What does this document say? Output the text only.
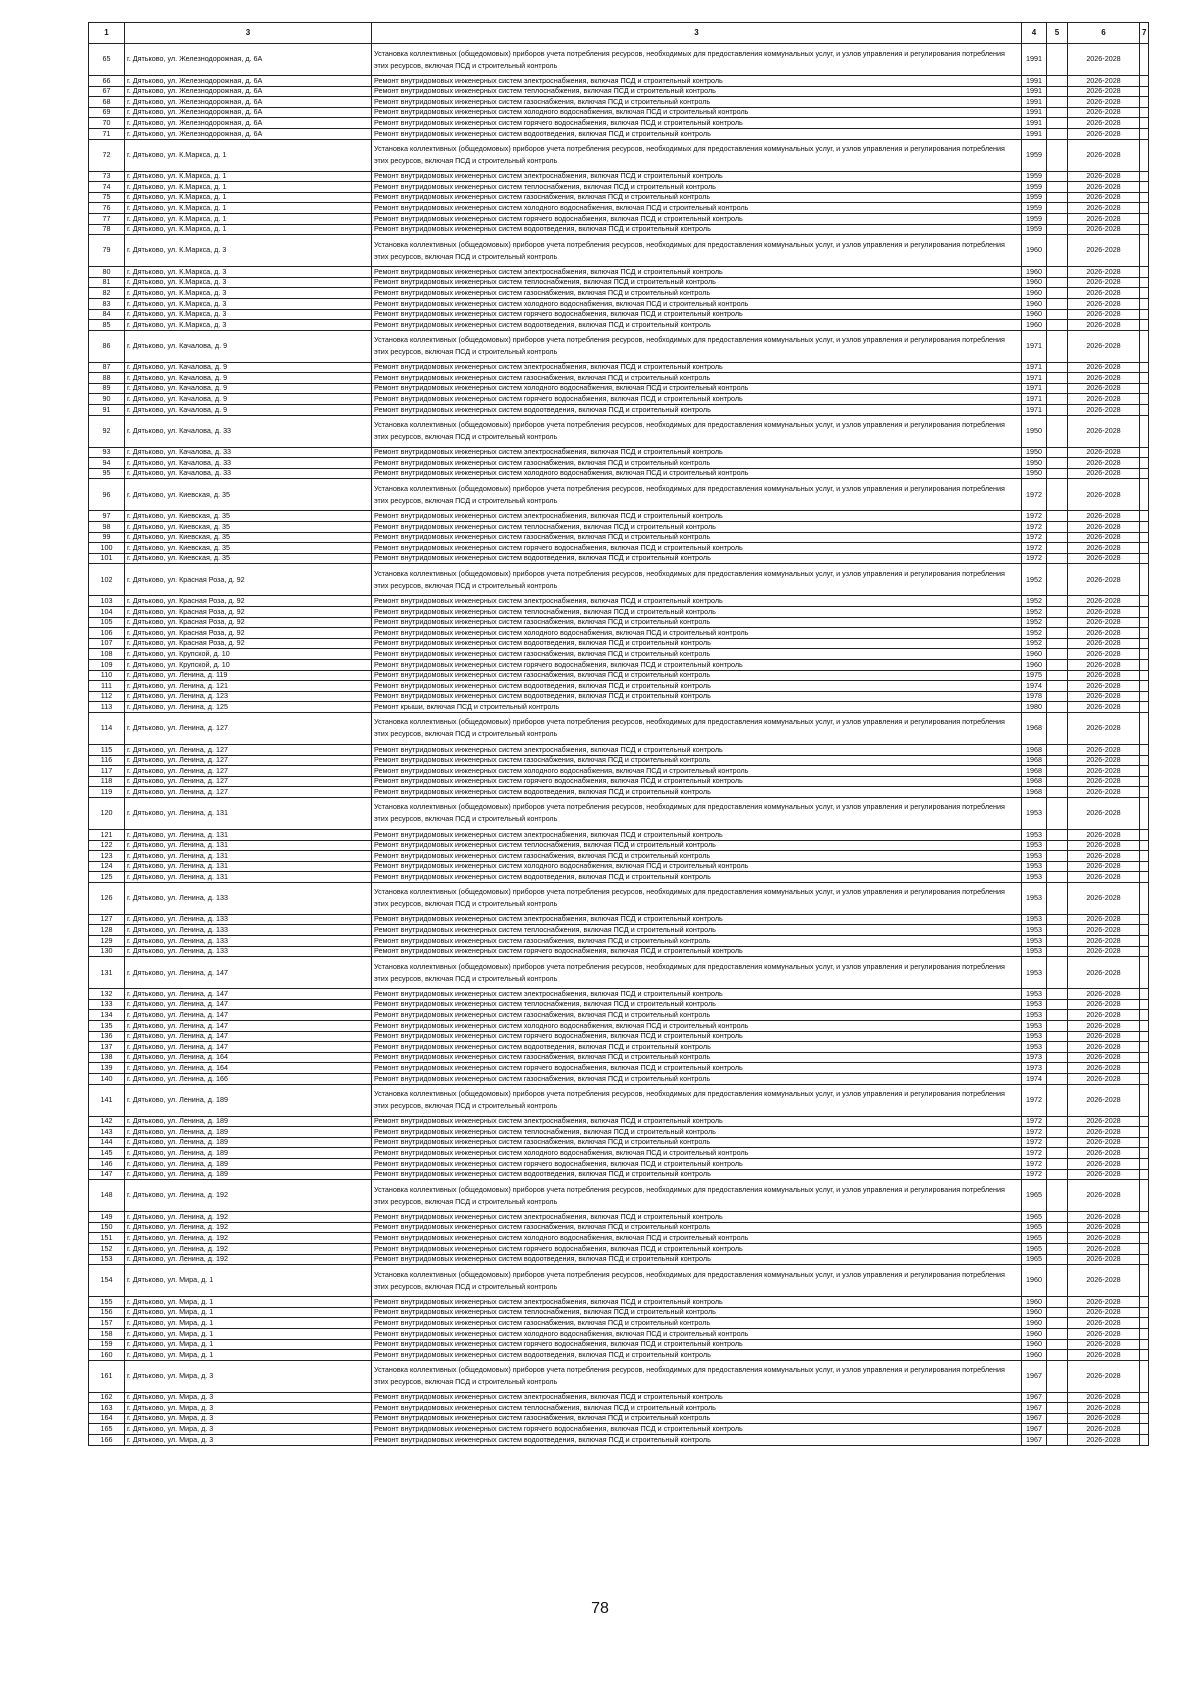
1	3	3	4	5	6	7
65	г. Дятьково, ул. Железнодорожная, д. 6А	Установка коллективных (общедомовых) приборов учета потребления ресурсов, необходимых для предоставления коммунальных услуг, и узлов управления и регулирования потребления этих ресурсов, включая ПСД и строительный контроль	1991		2026-2028	
66	г. Дятьково, ул. Железнодорожная, д. 6А	Ремонт внутридомовых инженерных систем электроснабжения, включая ПСД и строительный контроль	1991		2026-2028	
67	г. Дятьково, ул. Железнодорожная, д. 6А	Ремонт внутридомовых инженерных систем теплоснабжения, включая ПСД и строительный контроль	1991		2026-2028	
68	г. Дятьково, ул. Железнодорожная, д. 6А	Ремонт внутридомовых инженерных систем газоснабжения, включая ПСД и строительный контроль	1991		2026-2028	
69	г. Дятьково, ул. Железнодорожная, д. 6А	Ремонт внутридомовых инженерных систем холодного водоснабжения, включая ПСД и строительный контроль	1991		2026-2028	
70	г. Дятьково, ул. Железнодорожная, д. 6А	Ремонт внутридомовых инженерных систем горячего водоснабжения, включая ПСД и строительный контроль	1991		2026-2028	
71	г. Дятьково, ул. Железнодорожная, д. 6А	Ремонт внутридомовых инженерных систем водоотведения, включая ПСД и строительный контроль	1991		2026-2028	
72	г. Дятьково, ул. К.Маркса, д. 1	Установка коллективных (общедомовых) приборов учета потребления ресурсов, необходимых для предоставления коммунальных услуг, и узлов управления и регулирования потребления этих ресурсов, включая ПСД и строительный контроль	1959		2026-2028	
73	г. Дятьково, ул. К.Маркса, д. 1	Ремонт внутридомовых инженерных систем электроснабжения, включая ПСД и строительный контроль	1959		2026-2028	
74	г. Дятьково, ул. К.Маркса, д. 1	Ремонт внутридомовых инженерных систем теплоснабжения, включая ПСД и строительный контроль	1959		2026-2028	
75	г. Дятьково, ул. К.Маркса, д. 1	Ремонт внутридомовых инженерных систем газоснабжения, включая ПСД и строительный контроль	1959		2026-2028	
76	г. Дятьково, ул. К.Маркса, д. 1	Ремонт внутридомовых инженерных систем холодного водоснабжения, включая ПСД и строительный контроль	1959		2026-2028	
77	г. Дятьково, ул. К.Маркса, д. 1	Ремонт внутридомовых инженерных систем горячего водоснабжения, включая ПСД и строительный контроль	1959		2026-2028	
78	г. Дятьково, ул. К.Маркса, д. 1	Ремонт внутридомовых инженерных систем водоотведения, включая ПСД и строительный контроль	1959		2026-2028	
79	г. Дятьково, ул. К.Маркса, д. 3	Установка коллективных (общедомовых) приборов учета потребления ресурсов, необходимых для предоставления коммунальных услуг, и узлов управления и регулирования потребления этих ресурсов, включая ПСД и строительный контроль	1960		2026-2028	
80	г. Дятьково, ул. К.Маркса, д. 3	Ремонт внутридомовых инженерных систем электроснабжения, включая ПСД и строительный контроль	1960		2026-2028	
81	г. Дятьково, ул. К.Маркса, д. 3	Ремонт внутридомовых инженерных систем теплоснабжения, включая ПСД и строительный контроль	1960		2026-2028	
82	г. Дятьково, ул. К.Маркса, д. 3	Ремонт внутридомовых инженерных систем газоснабжения, включая ПСД и строительный контроль	1960		2026-2028	
83	г. Дятьково, ул. К.Маркса, д. 3	Ремонт внутридомовых инженерных систем холодного водоснабжения, включая ПСД и строительный контроль	1960		2026-2028	
84	г. Дятьково, ул. К.Маркса, д. 3	Ремонт внутридомовых инженерных систем горячего водоснабжения, включая ПСД и строительный контроль	1960		2026-2028	
85	г. Дятьково, ул. К.Маркса, д. 3	Ремонт внутридомовых инженерных систем водоотведения, включая ПСД и строительный контроль	1960		2026-2028	
86	г. Дятьково, ул. Качалова, д. 9	Установка коллективных (общедомовых) приборов учета потребления ресурсов, необходимых для предоставления коммунальных услуг, и узлов управления и регулирования потребления этих ресурсов, включая ПСД и строительный контроль	1971		2026-2028	
87	г. Дятьково, ул. Качалова, д. 9	Ремонт внутридомовых инженерных систем электроснабжения, включая ПСД и строительный контроль	1971		2026-2028	
88	г. Дятьково, ул. Качалова, д. 9	Ремонт внутридомовых инженерных систем газоснабжения, включая ПСД и строительный контроль	1971		2026-2028	
89	г. Дятьково, ул. Качалова, д. 9	Ремонт внутридомовых инженерных систем холодного водоснабжения, включая ПСД и строительный контроль	1971		2026-2028	
90	г. Дятьково, ул. Качалова, д. 9	Ремонт внутридомовых инженерных систем горячего водоснабжения, включая ПСД и строительный контроль	1971		2026-2028	
91	г. Дятьково, ул. Качалова, д. 9	Ремонт внутридомовых инженерных систем водоотведения, включая ПСД и строительный контроль	1971		2026-2028	
92	г. Дятьково, ул. Качалова, д. 33	Установка коллективных (общедомовых) приборов учета потребления ресурсов, необходимых для предоставления коммунальных услуг, и узлов управления и регулирования потребления этих ресурсов, включая ПСД и строительный контроль	1950		2026-2028	
93	г. Дятьково, ул. Качалова, д. 33	Ремонт внутридомовых инженерных систем электроснабжения, включая ПСД и строительный контроль	1950		2026-2028	
94	г. Дятьково, ул. Качалова, д. 33	Ремонт внутридомовых инженерных систем газоснабжения, включая ПСД и строительный контроль	1950		2026-2028	
95	г. Дятьково, ул. Качалова, д. 33	Ремонт внутридомовых инженерных систем холодного водоснабжения, включая ПСД и строительный контроль	1950		2026-2028	
96	г. Дятьково, ул. Киевская, д. 35	Установка коллективных (общедомовых) приборов учета потребления ресурсов, необходимых для предоставления коммунальных услуг, и узлов управления и регулирования потребления этих ресурсов, включая ПСД и строительный контроль	1972		2026-2028	
97	г. Дятьково, ул. Киевская, д. 35	Ремонт внутридомовых инженерных систем электроснабжения, включая ПСД и строительный контроль	1972		2026-2028	
98	г. Дятьково, ул. Киевская, д. 35	Ремонт внутридомовых инженерных систем теплоснабжения, включая ПСД и строительный контроль	1972		2026-2028	
99	г. Дятьково, ул. Киевская, д. 35	Ремонт внутридомовых инженерных систем газоснабжения, включая ПСД и строительный контроль	1972		2026-2028	
100	г. Дятьково, ул. Киевская, д. 35	Ремонт внутридомовых инженерных систем горячего водоснабжения, включая ПСД и строительный контроль	1972		2026-2028	
101	г. Дятьково, ул. Киевская, д. 35	Ремонт внутридомовых инженерных систем водоотведения, включая ПСД и строительный контроль	1972		2026-2028	
102	г. Дятьково, ул. Красная Роза, д. 92	Установка коллективных (общедомовых) приборов учета потребления ресурсов, необходимых для предоставления коммунальных услуг, и узлов управления и регулирования потребления этих ресурсов, включая ПСД и строительный контроль	1952		2026-2028	
103	г. Дятьково, ул. Красная Роза, д. 92	Ремонт внутридомовых инженерных систем электроснабжения, включая ПСД и строительный контроль	1952		2026-2028	
104	г. Дятьково, ул. Красная Роза, д. 92	Ремонт внутридомовых инженерных систем теплоснабжения, включая ПСД и строительный контроль	1952		2026-2028	
105	г. Дятьково, ул. Красная Роза, д. 92	Ремонт внутридомовых инженерных систем газоснабжения, включая ПСД и строительный контроль	1952		2026-2028	
106	г. Дятьково, ул. Красная Роза, д. 92	Ремонт внутридомовых инженерных систем холодного водоснабжения, включая ПСД и строительный контроль	1952		2026-2028	
107	г. Дятьково, ул. Красная Роза, д. 92	Ремонт внутридомовых инженерных систем водоотведения, включая ПСД и строительный контроль	1952		2026-2028	
108	г. Дятьково, ул. Крупской, д. 10	Ремонт внутридомовых инженерных систем газоснабжения, включая ПСД и строительный контроль	1960		2026-2028	
109	г. Дятьково, ул. Крупской, д. 10	Ремонт внутридомовых инженерных систем горячего водоснабжения, включая ПСД и строительный контроль	1960		2026-2028	
110	г. Дятьково, ул. Ленина, д. 119	Ремонт внутридомовых инженерных систем газоснабжения, включая ПСД и строительный контроль	1975		2026-2028	
111	г. Дятьково, ул. Ленина, д. 121	Ремонт внутридомовых инженерных систем водоотведения, включая ПСД и строительный контроль	1974		2026-2028	
112	г. Дятьково, ул. Ленина, д. 123	Ремонт внутридомовых инженерных систем водоотведения, включая ПСД и строительный контроль	1978		2026-2028	
113	г. Дятьково, ул. Ленина, д. 125	Ремонт крыши, включая ПСД и строительный контроль	1980		2026-2028	
114	г. Дятьково, ул. Ленина, д. 127	Установка коллективных (общедомовых) приборов учета потребления ресурсов, необходимых для предоставления коммунальных услуг, и узлов управления и регулирования потребления этих ресурсов, включая ПСД и строительный контроль	1968		2026-2028	
115	г. Дятьково, ул. Ленина, д. 127	Ремонт внутридомовых инженерных систем электроснабжения, включая ПСД и строительный контроль	1968		2026-2028	
116	г. Дятьково, ул. Ленина, д. 127	Ремонт внутридомовых инженерных систем газоснабжения, включая ПСД и строительный контроль	1968		2026-2028	
117	г. Дятьково, ул. Ленина, д. 127	Ремонт внутридомовых инженерных систем холодного водоснабжения, включая ПСД и строительный контроль	1968		2026-2028	
118	г. Дятьково, ул. Ленина, д. 127	Ремонт внутридомовых инженерных систем горячего водоснабжения, включая ПСД и строительный контроль	1968		2026-2028	
119	г. Дятьково, ул. Ленина, д. 127	Ремонт внутридомовых инженерных систем водоотведения, включая ПСД и строительный контроль	1968		2026-2028	
120	г. Дятьково, ул. Ленина, д. 131	Установка коллективных (общедомовых) приборов учета потребления ресурсов, необходимых для предоставления коммунальных услуг, и узлов управления и регулирования потребления этих ресурсов, включая ПСД и строительный контроль	1953		2026-2028	
121	г. Дятьково, ул. Ленина, д. 131	Ремонт внутридомовых инженерных систем электроснабжения, включая ПСД и строительный контроль	1953		2026-2028	
122	г. Дятьково, ул. Ленина, д. 131	Ремонт внутридомовых инженерных систем теплоснабжения, включая ПСД и строительный контроль	1953		2026-2028	
123	г. Дятьково, ул. Ленина, д. 131	Ремонт внутридомовых инженерных систем газоснабжения, включая ПСД и строительный контроль	1953		2026-2028	
124	г. Дятьково, ул. Ленина, д. 131	Ремонт внутридомовых инженерных систем холодного водоснабжения, включая ПСД и строительный контроль	1953		2026-2028	
125	г. Дятьково, ул. Ленина, д. 131	Ремонт внутридомовых инженерных систем водоотведения, включая ПСД и строительный контроль	1953		2026-2028	
126	г. Дятьково, ул. Ленина, д. 133	Установка коллективных (общедомовых) приборов учета потребления ресурсов, необходимых для предоставления коммунальных услуг, и узлов управления и регулирования потребления этих ресурсов, включая ПСД и строительный контроль	1953		2026-2028	
127	г. Дятьково, ул. Ленина, д. 133	Ремонт внутридомовых инженерных систем электроснабжения, включая ПСД и строительный контроль	1953		2026-2028	
128	г. Дятьково, ул. Ленина, д. 133	Ремонт внутридомовых инженерных систем теплоснабжения, включая ПСД и строительный контроль	1953		2026-2028	
129	г. Дятьково, ул. Ленина, д. 133	Ремонт внутридомовых инженерных систем газоснабжения, включая ПСД и строительный контроль	1953		2026-2028	
130	г. Дятьково, ул. Ленина, д. 133	Ремонт внутридомовых инженерных систем горячего водоснабжения, включая ПСД и строительный контроль	1953		2026-2028	
131	г. Дятьково, ул. Ленина, д. 147	Установка коллективных (общедомовых) приборов учета потребления ресурсов, необходимых для предоставления коммунальных услуг, и узлов управления и регулирования потребления этих ресурсов, включая ПСД и строительный контроль	1953		2026-2028	
132	г. Дятьково, ул. Ленина, д. 147	Ремонт внутридомовых инженерных систем электроснабжения, включая ПСД и строительный контроль	1953		2026-2028	
133	г. Дятьково, ул. Ленина, д. 147	Ремонт внутридомовых инженерных систем теплоснабжения, включая ПСД и строительный контроль	1953		2026-2028	
134	г. Дятьково, ул. Ленина, д. 147	Ремонт внутридомовых инженерных систем газоснабжения, включая ПСД и строительный контроль	1953		2026-2028	
135	г. Дятьково, ул. Ленина, д. 147	Ремонт внутридомовых инженерных систем холодного водоснабжения, включая ПСД и строительный контроль	1953		2026-2028	
136	г. Дятьково, ул. Ленина, д. 147	Ремонт внутридомовых инженерных систем горячего водоснабжения, включая ПСД и строительный контроль	1953		2026-2028	
137	г. Дятьково, ул. Ленина, д. 147	Ремонт внутридомовых инженерных систем водоотведения, включая ПСД и строительный контроль	1953		2026-2028	
138	г. Дятьково, ул. Ленина, д. 164	Ремонт внутридомовых инженерных систем газоснабжения, включая ПСД и строительный контроль	1973		2026-2028	
139	г. Дятьково, ул. Ленина, д. 164	Ремонт внутридомовых инженерных систем горячего водоснабжения, включая ПСД и строительный контроль	1973		2026-2028	
140	г. Дятьково, ул. Ленина, д. 166	Ремонт внутридомовых инженерных систем газоснабжения, включая ПСД и строительный контроль	1974		2026-2028	
141	г. Дятьково, ул. Ленина, д. 189	Установка коллективных (общедомовых) приборов учета потребления ресурсов, необходимых для предоставления коммунальных услуг, и узлов управления и регулирования потребления этих ресурсов, включая ПСД и строительный контроль	1972		2026-2028	
142	г. Дятьково, ул. Ленина, д. 189	Ремонт внутридомовых инженерных систем электроснабжения, включая ПСД и строительный контроль	1972		2026-2028	
143	г. Дятьково, ул. Ленина, д. 189	Ремонт внутридомовых инженерных систем теплоснабжения, включая ПСД и строительный контроль	1972		2026-2028	
144	г. Дятьково, ул. Ленина, д. 189	Ремонт внутридомовых инженерных систем газоснабжения, включая ПСД и строительный контроль	1972		2026-2028	
145	г. Дятьково, ул. Ленина, д. 189	Ремонт внутридомовых инженерных систем холодного водоснабжения, включая ПСД и строительный контроль	1972		2026-2028	
146	г. Дятьково, ул. Ленина, д. 189	Ремонт внутридомовых инженерных систем горячего водоснабжения, включая ПСД и строительный контроль	1972		2026-2028	
147	г. Дятьково, ул. Ленина, д. 189	Ремонт внутридомовых инженерных систем водоотведения, включая ПСД и строительный контроль	1972		2026-2028	
148	г. Дятьково, ул. Ленина, д. 192	Установка коллективных (общедомовых) приборов учета потребления ресурсов, необходимых для предоставления коммунальных услуг, и узлов управления и регулирования потребления этих ресурсов, включая ПСД и строительный контроль	1965		2026-2028	
149	г. Дятьково, ул. Ленина, д. 192	Ремонт внутридомовых инженерных систем электроснабжения, включая ПСД и строительный контроль	1965		2026-2028	
150	г. Дятьково, ул. Ленина, д. 192	Ремонт внутридомовых инженерных систем газоснабжения, включая ПСД и строительный контроль	1965		2026-2028	
151	г. Дятьково, ул. Ленина, д. 192	Ремонт внутридомовых инженерных систем холодного водоснабжения, включая ПСД и строительный контроль	1965		2026-2028	
152	г. Дятьково, ул. Ленина, д. 192	Ремонт внутридомовых инженерных систем горячего водоснабжения, включая ПСД и строительный контроль	1965		2026-2028	
153	г. Дятьково, ул. Ленина, д. 192	Ремонт внутридомовых инженерных систем водоотведения, включая ПСД и строительный контроль	1965		2026-2028	
154	г. Дятьково, ул. Мира, д. 1	Установка коллективных (общедомовых) приборов учета потребления ресурсов, необходимых для предоставления коммунальных услуг, и узлов управления и регулирования потребления этих ресурсов, включая ПСД и строительный контроль	1960		2026-2028	
155	г. Дятьково, ул. Мира, д. 1	Ремонт внутридомовых инженерных систем электроснабжения, включая ПСД и строительный контроль	1960		2026-2028	
156	г. Дятьково, ул. Мира, д. 1	Ремонт внутридомовых инженерных систем теплоснабжения, включая ПСД и строительный контроль	1960		2026-2028	
157	г. Дятьково, ул. Мира, д. 1	Ремонт внутридомовых инженерных систем газоснабжения, включая ПСД и строительный контроль	1960		2026-2028	
158	г. Дятьково, ул. Мира, д. 1	Ремонт внутридомовых инженерных систем холодного водоснабжения, включая ПСД и строительный контроль	1960		2026-2028	
159	г. Дятьково, ул. Мира, д. 1	Ремонт внутридомовых инженерных систем горячего водоснабжения, включая ПСД и строительный контроль	1960		2026-2028	
160	г. Дятьково, ул. Мира, д. 1	Ремонт внутридомовых инженерных систем водоотведения, включая ПСД и строительный контроль	1960		2026-2028	
161	г. Дятьково, ул. Мира, д. 3	Установка коллективных (общедомовых) приборов учета потребления ресурсов, необходимых для предоставления коммунальных услуг, и узлов управления и регулирования потребления этих ресурсов, включая ПСД и строительный контроль	1967		2026-2028	
162	г. Дятьково, ул. Мира, д. 3	Ремонт внутридомовых инженерных систем электроснабжения, включая ПСД и строительный контроль	1967		2026-2028	
163	г. Дятьково, ул. Мира, д. 3	Ремонт внутридомовых инженерных систем теплоснабжения, включая ПСД и строительный контроль	1967		2026-2028	
164	г. Дятьково, ул. Мира, д. 3	Ремонт внутридомовых инженерных систем газоснабжения, включая ПСД и строительный контроль	1967		2026-2028	
165	г. Дятьково, ул. Мира, д. 3	Ремонт внутридомовых инженерных систем горячего водоснабжения, включая ПСД и строительный контроль	1967		2026-2028	
166	г. Дятьково, ул. Мира, д. 3	Ремонт внутридомовых инженерных систем водоотведения, включая ПСД и строительный контроль	1967		2026-2028	
78
